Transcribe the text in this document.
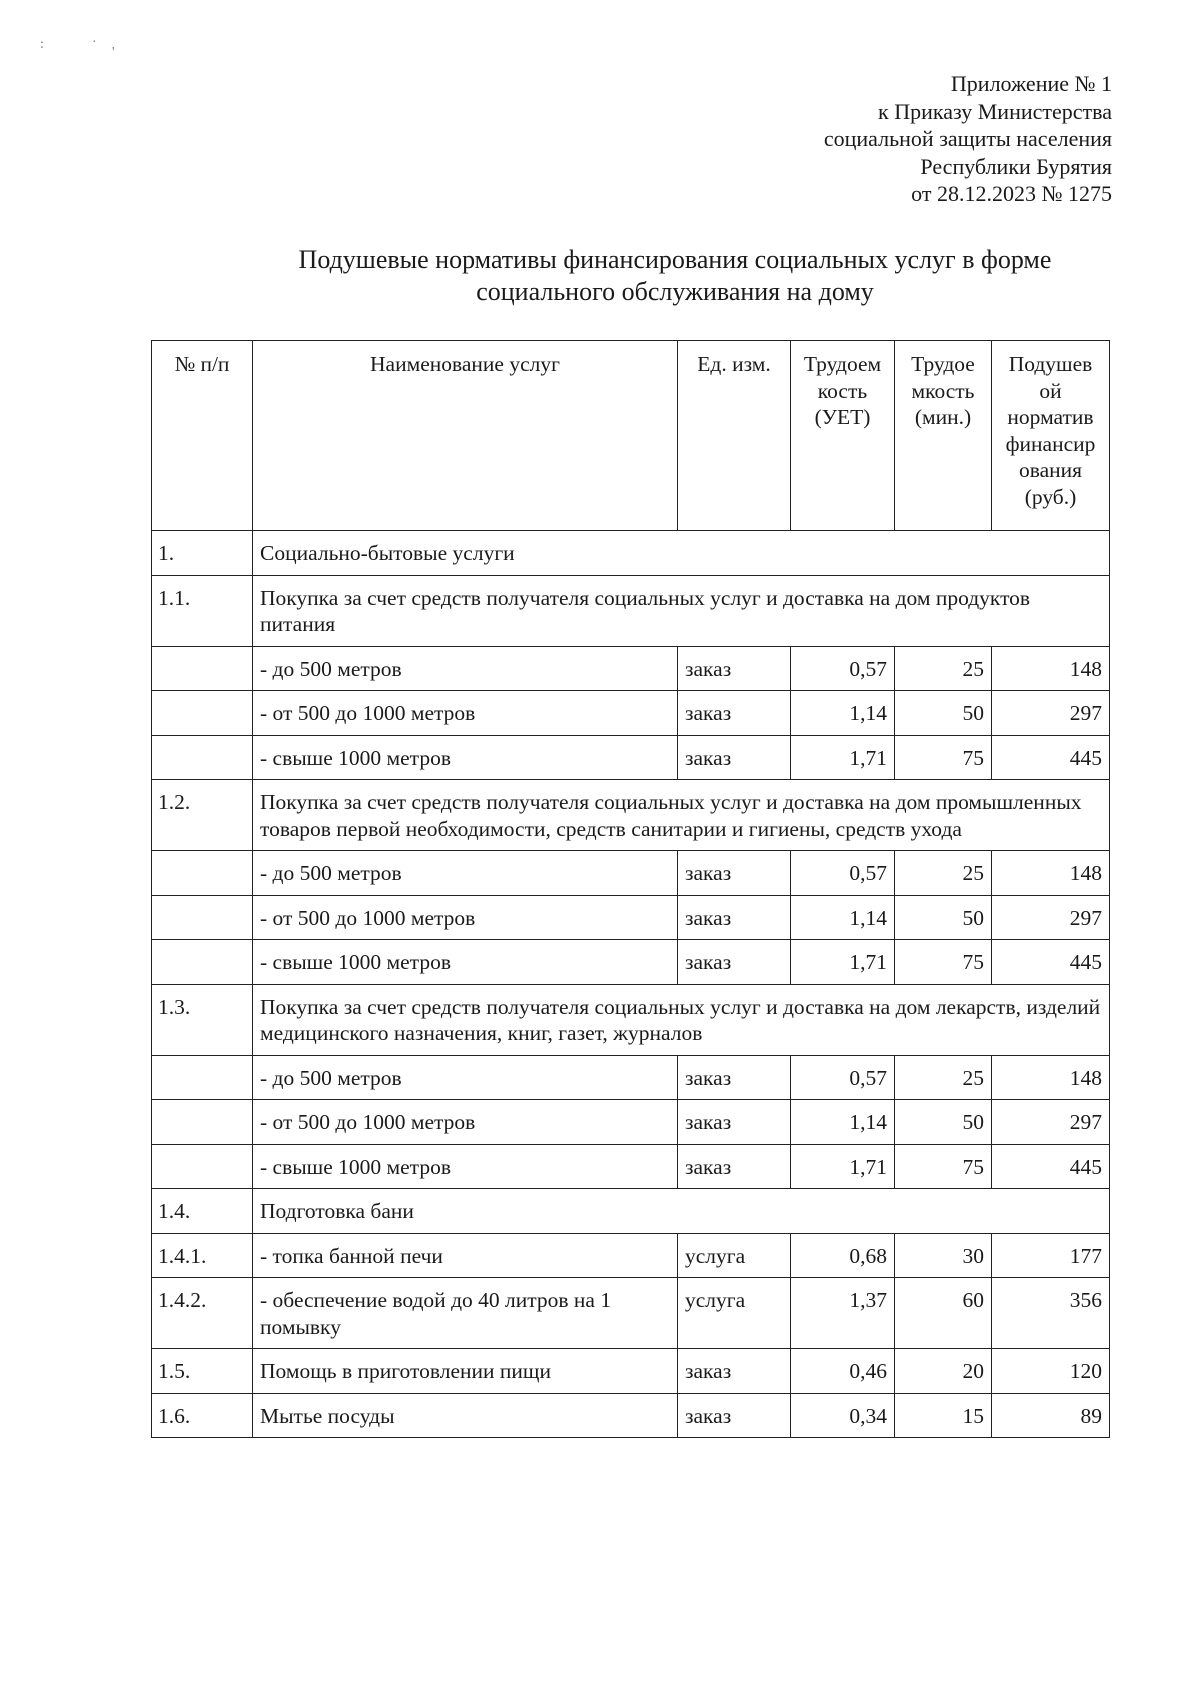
:	·
'
Приложение № 1
к Приказу Министерства
социальной защиты населения
Республики Бурятия
от 28.12.2023 № 1275
Подушевые нормативы финансирования социальных услуг в форме
социального обслуживания на дому
№ п/п	Наименование услуг	Ед. изм.	Трудоем кость (УЕТ)	Трудое мкость (мин.)	Подушев ой норматив финансир ования (руб.)
1.	Социально-бытовые услуги				
1.1.	Покупка за счет средств получателя социальных услуг и доставка на дом продуктов питания				
	- до 500 метров	заказ	0,57	25	148
	- от 500 до 1000 метров	заказ	1,14	50	297
	- свыше 1000 метров	заказ	1,71	75	445
1.2.	Покупка за счет средств получателя социальных услуг и доставка на дом промышленных товаров первой необходимости, средств санитарии и гигиены, средств ухода				
	- до 500 метров	заказ	0,57	25	148
	- от 500 до 1000 метров	заказ	1,14	50	297
	- свыше 1000 метров	заказ	1,71	75	445
1.3.	Покупка за счет средств получателя социальных услуг и доставка на дом лекарств, изделий медицинского назначения, книг, газет, журналов				
	- до 500 метров	заказ	0,57	25	148
	- от 500 до 1000 метров	заказ	1,14	50	297
	- свыше 1000 метров	заказ	1,71	75	445
1.4.	Подготовка бани				
1.4.1.	- топка банной печи	услуга	0,68	30	177
1.4.2.	- обеспечение водой до 40 литров на 1 помывку	услуга	1,37	60	356
1.5.	Помощь в приготовлении пищи	заказ	0,46	20	120
1.6.	Мытье посуды	заказ	0,34	15	89
